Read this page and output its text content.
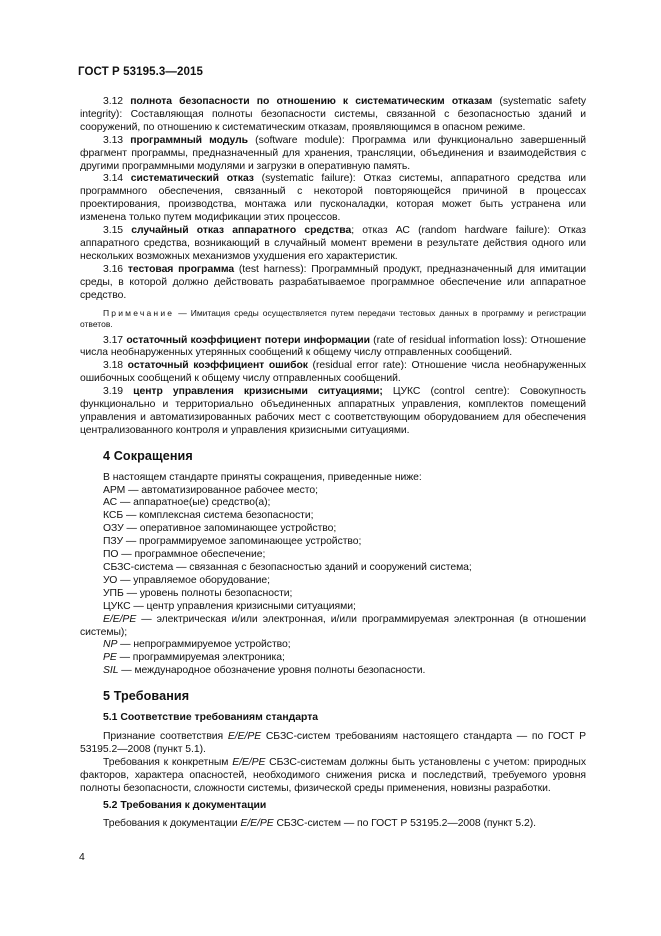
ГОСТ Р 53195.3—2015

3.12 полнота безопасности по отношению к систематическим отказам (systematic safety integrity): Составляющая полноты безопасности системы, связанной с безопасностью зданий и сооружений, по отношению к систематическим отказам, проявляющимся в опасном режиме.

3.13 программный модуль (software module): Программа или функционально завершенный фрагмент программы, предназначенный для хранения, трансляции, объединения и взаимодействия с другими программными модулями и загрузки в оперативную память.

3.14 систематический отказ (systematic failure): Отказ системы, аппаратного средства или программного обеспечения, связанный с некоторой повторяющейся причиной в процессах проектирования, производства, монтажа или пусконаладки, которая может быть устранена или изменена только путем модификации этих процессов.

3.15 случайный отказ аппаратного средства; отказ АС (random hardware failure): Отказ аппаратного средства, возникающий в случайный момент времени в результате действия одного или нескольких возможных механизмов ухудшения его характеристик.

3.16 тестовая программа (test harness): Программный продукт, предназначенный для имитации среды, в которой должно действовать разрабатываемое программное обеспечение или аппаратное средство.

Примечание — Имитация среды осуществляется путем передачи тестовых данных в программу и регистрации ответов.

3.17 остаточный коэффициент потери информации (rate of residual information loss): Отношение числа необнаруженных утерянных сообщений к общему числу отправленных сообщений.

3.18 остаточный коэффициент ошибок (residual error rate): Отношение числа необнаруженных ошибочных сообщений к общему числу отправленных сообщений.

3.19 центр управления кризисными ситуациями; ЦУКС (control centre): Совокупность функционально и территориально объединенных аппаратных управления, комплектов помещений управления и автоматизированных рабочих мест с соответствующим оборудованием для обеспечения централизованного контроля и управления кризисными ситуациями.

4 Сокращения

В настоящем стандарте приняты сокращения, приведенные ниже:

АРМ — автоматизированное рабочее место;

АС — аппаратное(ые) средство(а);

КСБ — комплексная система безопасности;

ОЗУ — оперативное запоминающее устройство;

ПЗУ — программируемое запоминающее устройство;

ПО — программное обеспечение;

СБЗС-система — связанная с безопасностью зданий и сооружений система;

УО — управляемое оборудование;

УПБ — уровень полноты безопасности;

ЦУКС — центр управления кризисными ситуациями;

E/E/PE — электрическая и/или электронная, и/или программируемая электронная (в отношении системы);

NP — непрограммируемое устройство;

PE — программируемая электроника;

SIL — международное обозначение уровня полноты безопасности.

5 Требования
5.1 Соответствие требованиям стандарта

Признание соответствия E/E/PE СБЗС-систем требованиям настоящего стандарта — по ГОСТ Р 53195.2—2008 (пункт 5.1).

Требования к конкретным E/E/PE СБЗС-системам должны быть установлены с учетом: природных факторов, характера опасностей, необходимого снижения риска и последствий, требуемого уровня полноты безопасности, сложности системы, физической среды применения, новизны разработки.

5.2 Требования к документации

Требования к документации E/E/PE СБЗС-систем — по ГОСТ Р 53195.2—2008 (пункт 5.2).

4
